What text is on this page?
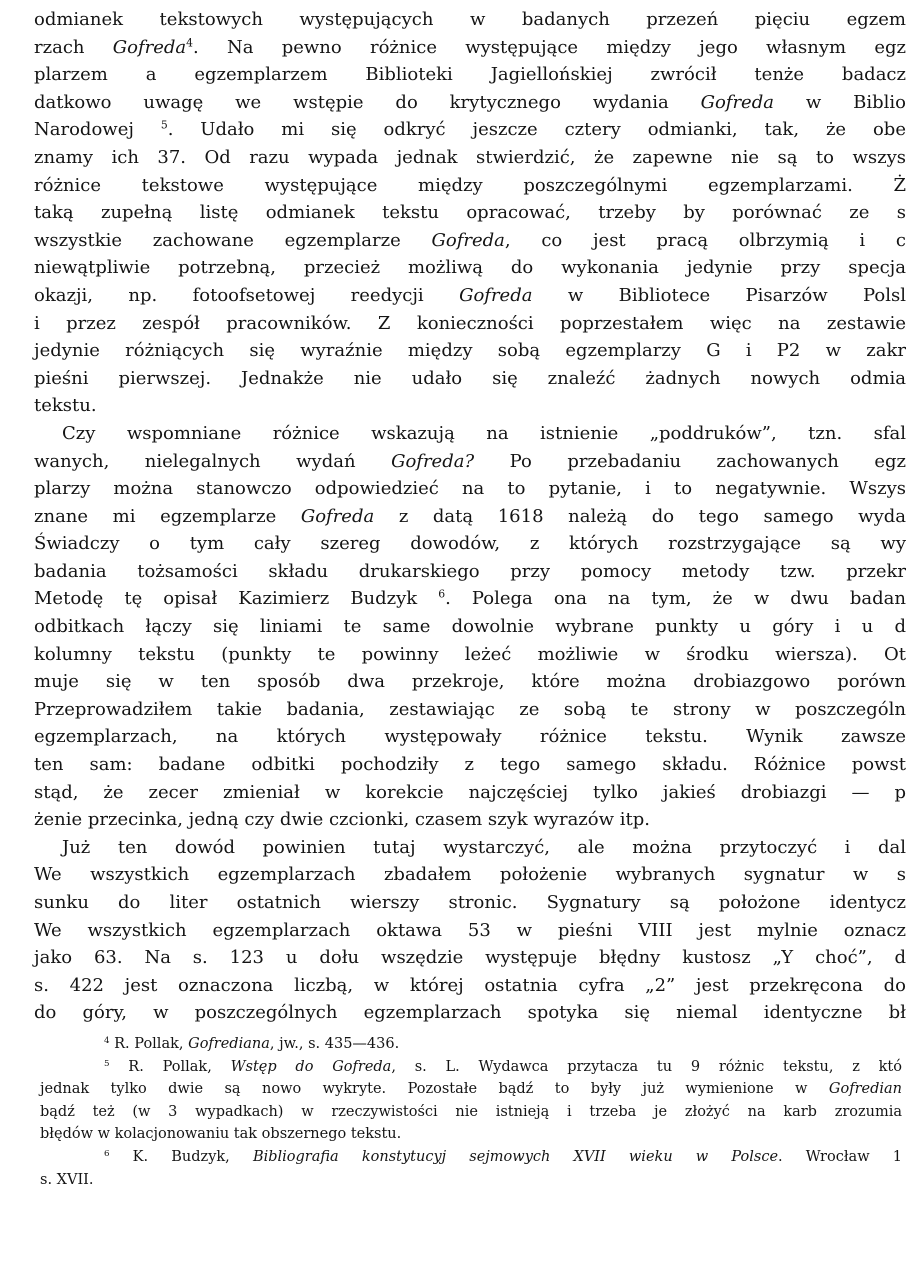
odmianek tekstowych występujących w badanych przezeń pięciu egzem
rzach Gofreda$^4$. Na pewno różnice występujące między jego własnym egz
plarzem a egzemplarzem Biblioteki Jagiellońskiej zwrócił tenże badacz
datkowo uwagę we wstępie do krytycznego wydania Gofreda w Biblio
Narodowej $^5$. Udało mi się odkryć jeszcze cztery odmianki, tak, że obe
znamy ich 37. Od razu wypada jednak stwierdzić, że zapewne nie są to wszys
różnice tekstowe występujące między poszczególnymi egzemplarzami. Ż
taką zupełną listę odmianek tekstu opracować, trzeby by porównać ze s
wszystkie zachowane egzemplarze Gofreda, co jest pracą olbrzymią i c
niewątpliwie potrzebną, przecież możliwą do wykonania jedynie przy specja
okazji, np. fotoofsetowej reedycji Gofreda w Bibliotece Pisarzów Polsl
i przez zespół pracowników. Z konieczności poprzestałem więc na zestawie
jedynie różniących się wyraźnie między sobą egzemplarzy G i P2 w zakr
pieśni pierwszej. Jednakże nie udało się znaleźć żadnych nowych odmia
tekstu.
Czy wspomniane różnice wskazują na istnienie „poddruków”, tzn. sfal
wanych, nielegalnych wydań Gofreda? Po przebadaniu zachowanych egz
plarzy można stanowczo odpowiedzieć na to pytanie, i to negatywnie. Wszys
znane mi egzemplarze Gofreda z datą 1618 należą do tego samego wyda
Świadczy o tym cały szereg dowodów, z których rozstrzygające są wy
badania tożsamości składu drukarskiego przy pomocy metody tzw. przekr
Metodę tę opisał Kazimierz Budzyk $^6$. Polega ona na tym, że w dwu badan
odbitkach łączy się liniami te same dowolnie wybrane punkty u góry i u d
kolumny tekstu (punkty te powinny leżeć możliwie w środku wiersza). Ot
muje się w ten sposób dwa przekroje, które można drobiazgowo porówn
Przeprowadziłem takie badania, zestawiając ze sobą te strony w poszczególn
egzemplarzach, na których występowały różnice tekstu. Wynik zawsze
ten sam: badane odbitki pochodziły z tego samego składu. Różnice powst
stąd, że zecer zmieniał w korekcie najczęściej tylko jakieś drobiazgi — p
żenie przecinka, jedną czy dwie czcionki, czasem szyk wyrazów itp.
Już ten dowód powinien tutaj wystarczyć, ale można przytoczyć i dal
We wszystkich egzemplarzach zbadałem położenie wybranych sygnatur w s
sunku do liter ostatnich wierszy stronic. Sygnatury są położone identycz
We wszystkich egzemplarzach oktawa 53 w pieśni VIII jest mylnie oznacz
jako 63. Na s. 123 u dołu wszędzie występuje błędny kustosz „Y choć”, d
s. 422 jest oznaczona liczbą, w której ostatnia cyfra „2” jest przekręcona do
do góry, w poszczególnych egzemplarzach spotyka się niemal identyczne bł
$^4$ R. Pollak, Gofrediana, jw., s. 435—436.
$^5$ R. Pollak, Wstęp do Gofreda, s. L. Wydawca przytacza tu 9 różnic tekstu, z któ
jednak tylko dwie są nowo wykryte. Pozostałe bądź to były już wymienione w Gofredian
bądź też (w 3 wypadkach) w rzeczywistości nie istnieją i trzeba je złożyć na karb zrozumia
błędów w kolacjonowaniu tak obszernego tekstu.
$^6$ K. Budzyk, Bibliografia konstytucyj sejmowych XVII wieku w Polsce. Wrocław 1
s. XVII.
